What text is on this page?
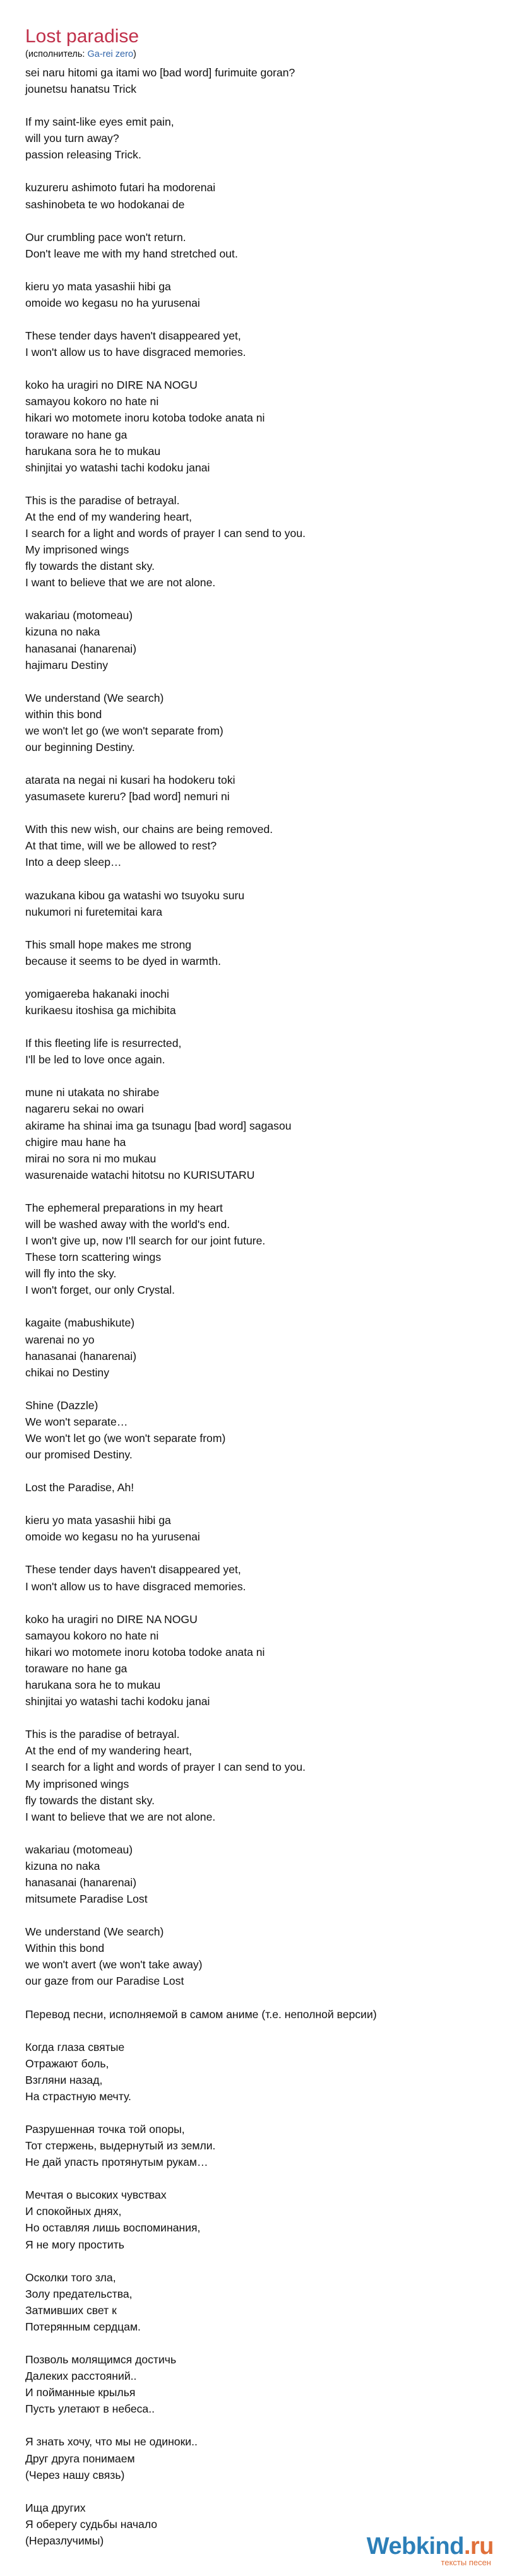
Lost paradise
(исполнитель: Ga-rei zero)
sei naru hitomi ga itami wo [bad word] furimuite goran?
jounetsu hanatsu Trick
If my saint-like eyes emit pain,
will you turn away?
passion releasing Trick.
kuzureru ashimoto futari ha modorenai
sashinobeta te wo hodokanai de
Our crumbling pace won't return.
Don't leave me with my hand stretched out.
kieru yo mata yasashii hibi ga
omoide wo kegasu no ha yurusenai
These tender days haven't disappeared yet,
I won't allow us to have disgraced memories.
koko ha uragiri no DIRE NA NOGU
samayou kokoro no hate ni
hikari wo motomete inoru kotoba todoke anata ni
toraware no hane ga
harukana sora he to mukau
shinjitai yo watashi tachi kodoku janai
This is the paradise of betrayal.
At the end of my wandering heart,
I search for a light and words of prayer I can send to you.
My imprisoned wings
fly towards the distant sky.
I want to believe that we are not alone.
wakariau (motomeau)
kizuna no naka
hanasanai (hanarenai)
hajimaru Destiny
We understand (We search)
within this bond
we won't let go (we won't separate from)
our beginning Destiny.
atarata na negai ni kusari ha hodokeru toki
yasumasete kureru? [bad word] nemuri ni
With this new wish, our chains are being removed.
At that time, will we be allowed to rest?
Into a deep sleep…
wazukana kibou ga watashi wo tsuyoku suru
nukumori ni furetemitai kara
This small hope makes me strong
because it seems to be dyed in warmth.
yomigaereba hakanaki inochi
kurikaesu itoshisa ga michibita
If this fleeting life is resurrected,
I'll be led to love once again.
mune ni utakata no shirabe
nagareru sekai no owari
akirame ha shinai ima ga tsunagu [bad word] sagasou
chigire mau hane ha
mirai no sora ni mo mukau
wasurenaide watachi hitotsu no KURISUTARU
The ephemeral preparations in my heart
will be washed away with the world's end.
I won't give up, now I'll search for our joint future.
These torn scattering wings
will fly into the sky.
I won't forget, our only Crystal.
kagaite (mabushikute)
warenai no yo
hanasanai (hanarenai)
chikai no Destiny
Shine (Dazzle)
We won't separate…
We won't let go (we won't separate from)
our promised Destiny.
Lost the Paradise, Ah!
kieru yo mata yasashii hibi ga
omoide wo kegasu no ha yurusenai
These tender days haven't disappeared yet,
I won't allow us to have disgraced memories.
koko ha uragiri no DIRE NA NOGU
samayou kokoro no hate ni
hikari wo motomete inoru kotoba todoke anata ni
toraware no hane ga
harukana sora he to mukau
shinjitai yo watashi tachi kodoku janai
This is the paradise of betrayal.
At the end of my wandering heart,
I search for a light and words of prayer I can send to you.
My imprisoned wings
fly towards the distant sky.
I want to believe that we are not alone.
wakariau (motomeau)
kizuna no naka
hanasanai (hanarenai)
mitsumete Paradise Lost
We understand (We search)
Within this bond
we won't avert (we won't take away)
our gaze from our Paradise Lost
Перевод песни, исполняемой в самом аниме (т.е. неполной версии)
Когда глаза святые
Отражают боль,
Взгляни назад,
На страстную мечту.
Разрушенная точка той опоры,
Тот стержень, выдернутый из земли.
Не дай упасть протянутым рукам…
Мечтая о высоких чувствах
И спокойных днях,
Но оставляя лишь воспоминания,
Я не могу простить
Осколки того зла,
Золу предательства,
Затмивших свет к
Потерянным сердцам.
Позволь молящимся достичь
Далеких расстояний..
И пойманные крылья
Пусть улетают в небеса..
Я знать хочу, что мы не одиноки..
Друг друга понимаем
(Через нашу связь)
Ища других
Я оберегу судьбы начало
(Неразлучимы)	Webkind.ru
тексты песен
